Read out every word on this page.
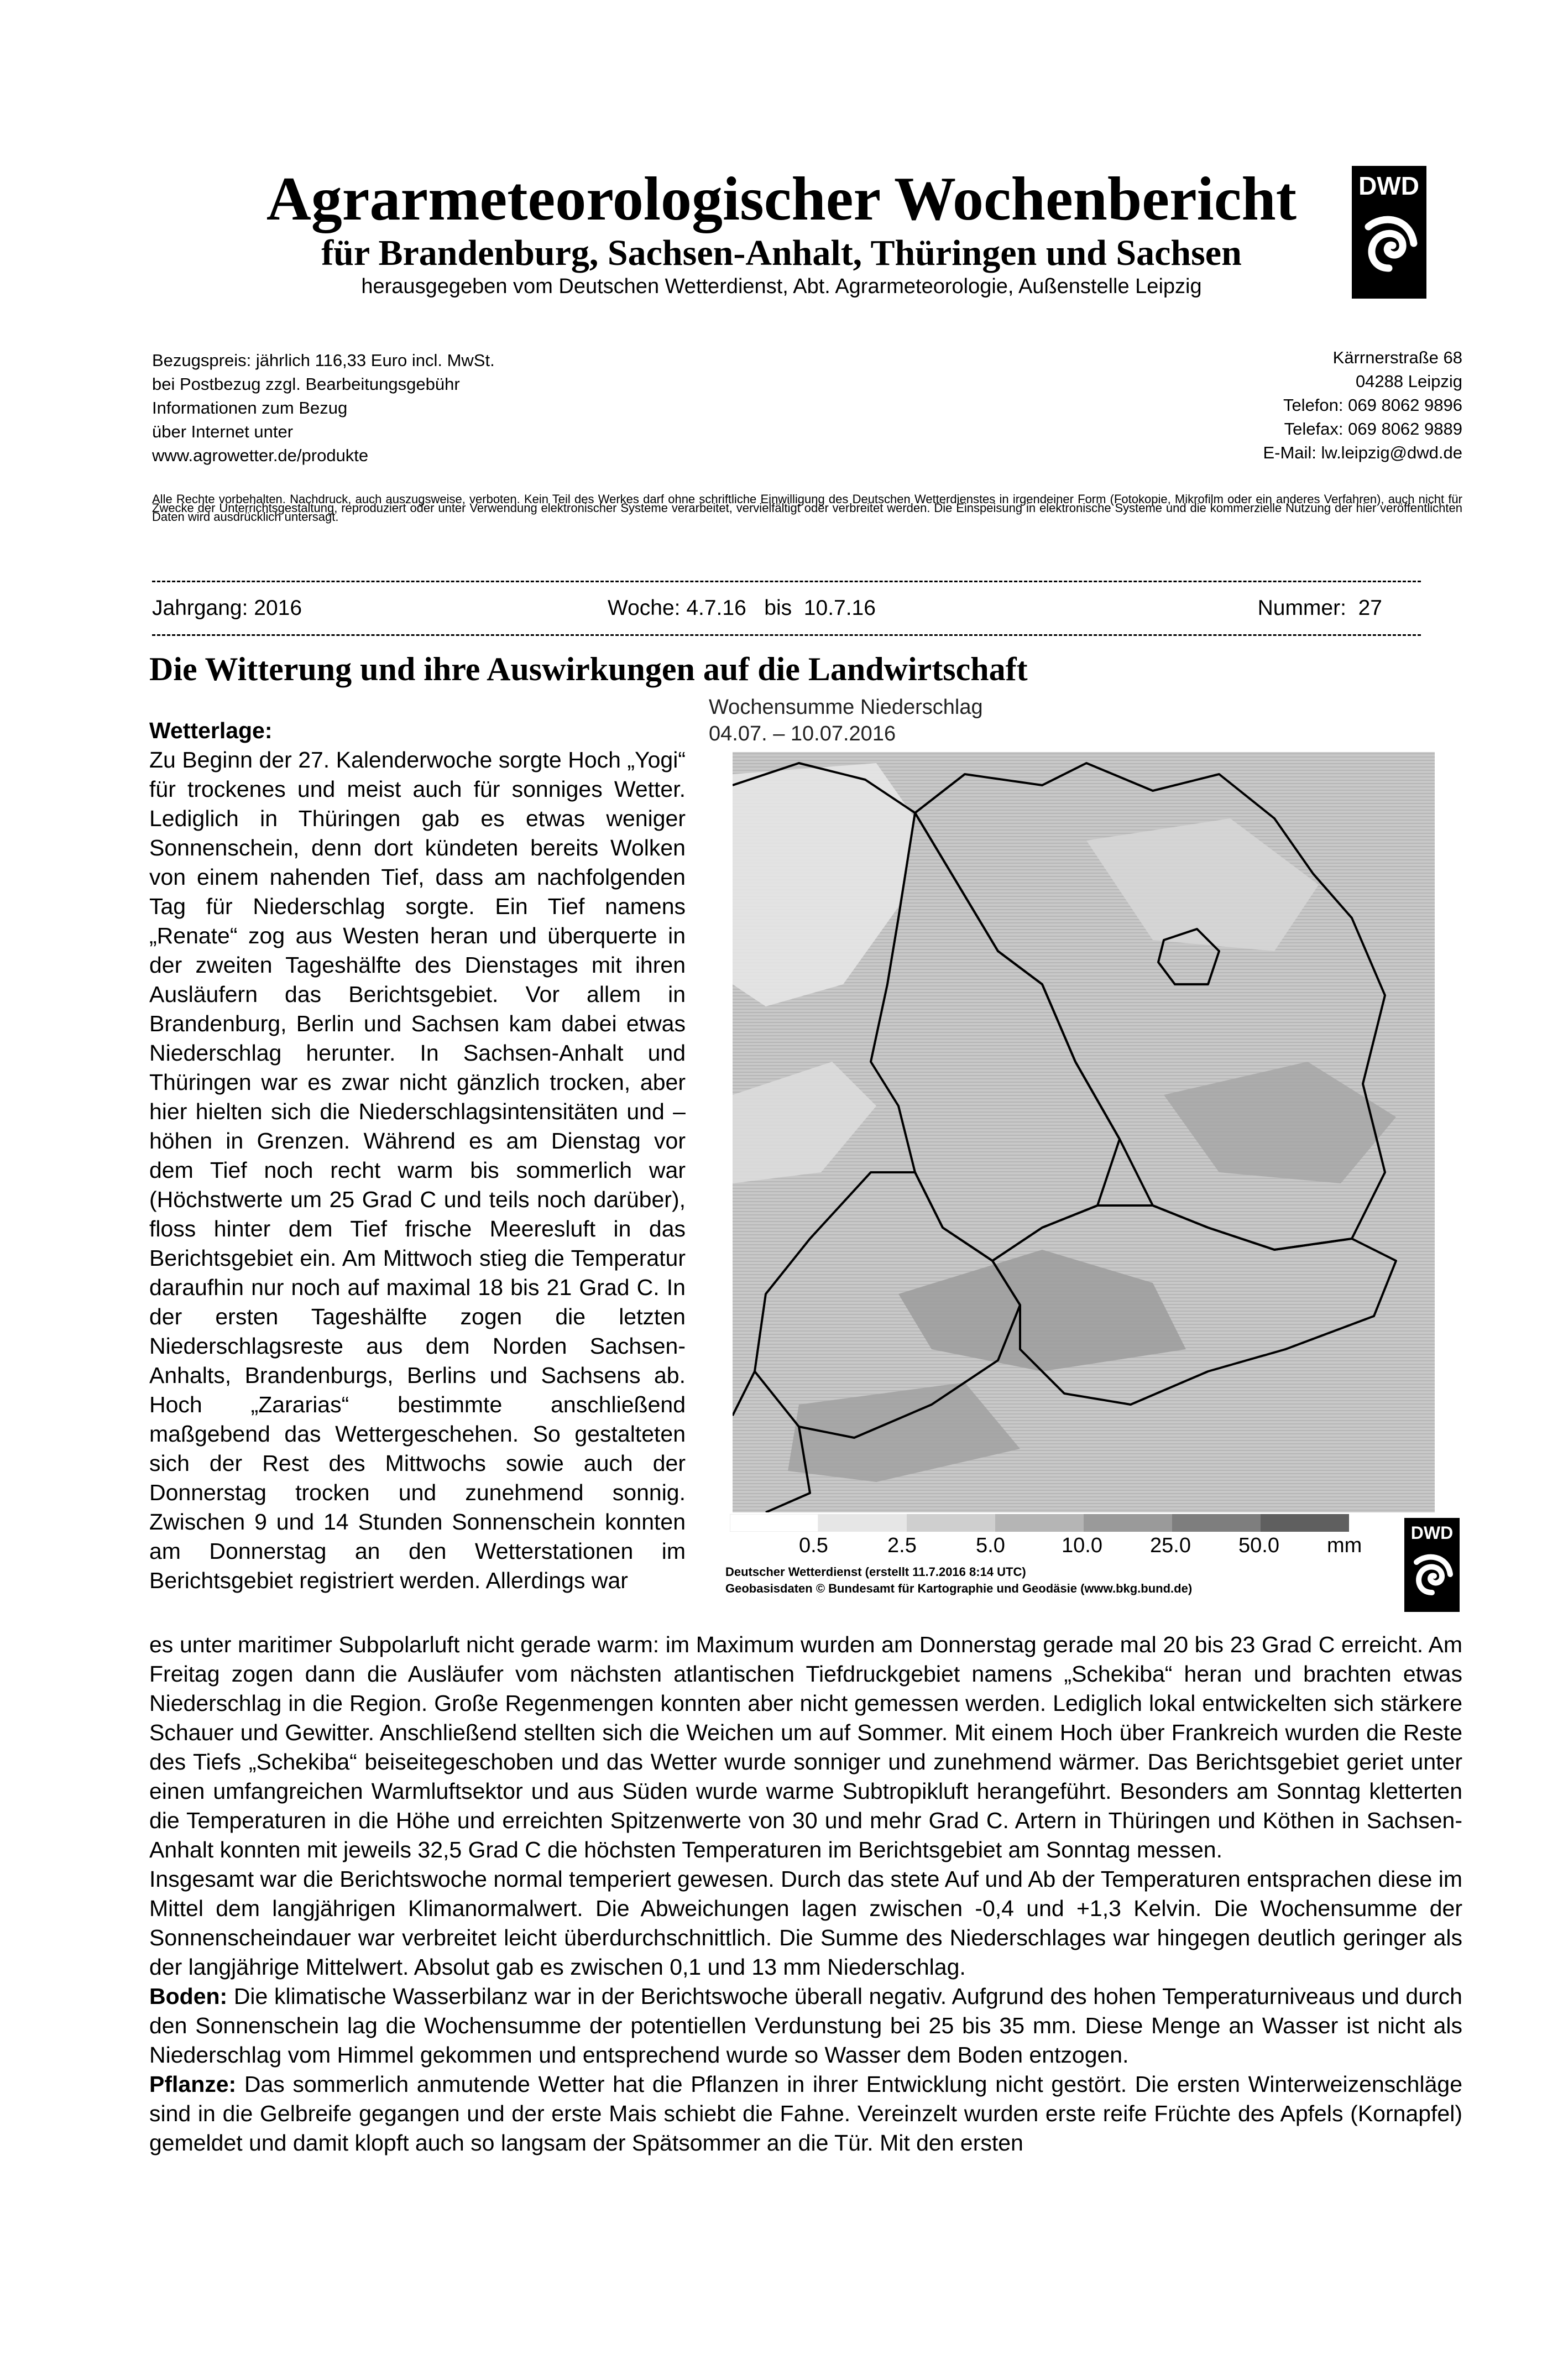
Agrarmeteorologischer Wochenbericht
für Brandenburg, Sachsen-Anhalt, Thüringen und Sachsen
herausgegeben vom Deutschen Wetterdienst, Abt. Agrarmeteorologie, Außenstelle Leipzig
DWD
Bezugspreis: jährlich 116,33 Euro incl. MwSt.
bei Postbezug zzgl. Bearbeitungsgebühr
Informationen zum Bezug
über Internet unter
www.agrowetter.de/produkte
Kärrnerstraße 68
04288 Leipzig
Telefon: 069 8062 9896
Telefax: 069 8062 9889
E-Mail: lw.leipzig@dwd.de
Alle Rechte vorbehalten. Nachdruck, auch auszugsweise, verboten. Kein Teil des Werkes darf ohne schriftliche Einwilligung des Deutschen Wetterdienstes in irgendeiner Form (Fotokopie, Mikrofilm oder ein anderes Verfahren), auch nicht für Zwecke der Unterrichtsgestaltung, reproduziert oder unter Verwendung elektronischer Systeme verarbeitet, vervielfältigt oder verbreitet werden. Die Einspeisung in elektronische Systeme und die kommerzielle Nutzung der hier veröffentlichten Daten wird ausdrücklich untersagt.
Jahrgang: 2016	Woche: 4.7.16   bis  10.7.16	Nummer:  27
Die Witterung und ihre Auswirkungen auf die Landwirtschaft

Wetterlage:

Zu Beginn der 27. Kalenderwoche sorgte Hoch „Yogi“ für trockenes und meist auch für sonniges Wetter. Lediglich in Thüringen gab es etwas weniger Sonnenschein, denn dort kündeten bereits Wolken von einem nahenden Tief, dass am nachfolgenden Tag für Niederschlag sorgte. Ein Tief namens „Renate“ zog aus Westen heran und überquerte in der zweiten Tageshälfte des Dienstages mit ihren Ausläufern das Berichtsgebiet. Vor allem in Brandenburg, Berlin und Sachsen kam dabei etwas Niederschlag herunter. In Sachsen-Anhalt und Thüringen war es zwar nicht gänzlich trocken, aber hier hielten sich die Niederschlagsintensitäten und –höhen in Grenzen. Während es am Dienstag vor dem Tief noch recht warm bis sommerlich war (Höchstwerte um 25 Grad C und teils noch darüber), floss hinter dem Tief frische Meeresluft in das Berichtsgebiet ein. Am Mittwoch stieg die Temperatur daraufhin nur noch auf maximal 18 bis 21 Grad C. In der ersten Tageshälfte zogen die letzten Niederschlagsreste aus dem Norden Sachsen-Anhalts, Brandenburgs, Berlins und Sachsens ab. Hoch „Zararias“ bestimmte anschließend maßgebend das Wettergeschehen. So gestalteten sich der Rest des Mittwochs sowie auch der Donnerstag trocken und zunehmend sonnig. Zwischen 9 und 14 Stunden Sonnenschein konnten am Donnerstag an den Wetterstationen im Berichtsgebiet registriert werden. Allerdings war

Wochensumme Niederschlag
04.07. – 10.07.2016
0.5	2.5	5.0	10.0 25.0 50.0 mm
Deutscher Wetterdienst (erstellt 11.7.2016 8:14 UTC)
Geobasisdaten © Bundesamt für Kartographie und Geodäsie (www.bkg.bund.de)
DWD

es unter maritimer Subpolarluft nicht gerade warm: im Maximum wurden am Donnerstag gerade mal 20 bis 23 Grad C erreicht. Am Freitag zogen dann die Ausläufer vom nächsten atlantischen Tiefdruckgebiet namens „Schekiba“ heran und brachten etwas Niederschlag in die Region. Große Regenmengen konnten aber nicht gemessen werden. Lediglich lokal entwickelten sich stärkere Schauer und Gewitter. Anschließend stellten sich die Weichen um auf Sommer. Mit einem Hoch über Frankreich wurden die Reste des Tiefs „Schekiba“ beiseitegeschoben und das Wetter wurde sonniger und zunehmend wärmer. Das Berichtsgebiet geriet unter einen umfangreichen Warmluftsektor und aus Süden wurde warme Subtropikluft herangeführt. Besonders am Sonntag kletterten die Temperaturen in die Höhe und erreichten Spitzenwerte von 30 und mehr Grad C. Artern in Thüringen und Köthen in Sachsen-Anhalt konnten mit jeweils 32,5 Grad C die höchsten Temperaturen im Berichtsgebiet am Sonntag messen.

Insgesamt war die Berichtswoche normal temperiert gewesen. Durch das stete Auf und Ab der Temperaturen entsprachen diese im Mittel dem langjährigen Klimanormalwert. Die Abweichungen lagen zwischen -0,4 und +1,3 Kelvin. Die Wochensumme der Sonnenscheindauer war verbreitet leicht überdurchschnittlich. Die Summe des Niederschlages war hingegen deutlich geringer als der langjährige Mittelwert. Absolut gab es zwischen 0,1 und 13 mm Niederschlag.

Boden: Die klimatische Wasserbilanz war in der Berichtswoche überall negativ. Aufgrund des hohen Temperaturniveaus und durch den Sonnenschein lag die Wochensumme der potentiellen Verdunstung bei 25 bis 35 mm. Diese Menge an Wasser ist nicht als Niederschlag vom Himmel gekommen und entsprechend wurde so Wasser dem Boden entzogen.

Pflanze: Das sommerlich anmutende Wetter hat die Pflanzen in ihrer Entwicklung nicht gestört. Die ersten Winterweizenschläge sind in die Gelbreife gegangen und der erste Mais schiebt die Fahne. Vereinzelt wurden erste reife Früchte des Apfels (Kornapfel) gemeldet und damit klopft auch so langsam der Spätsommer an die Tür. Mit den ersten
